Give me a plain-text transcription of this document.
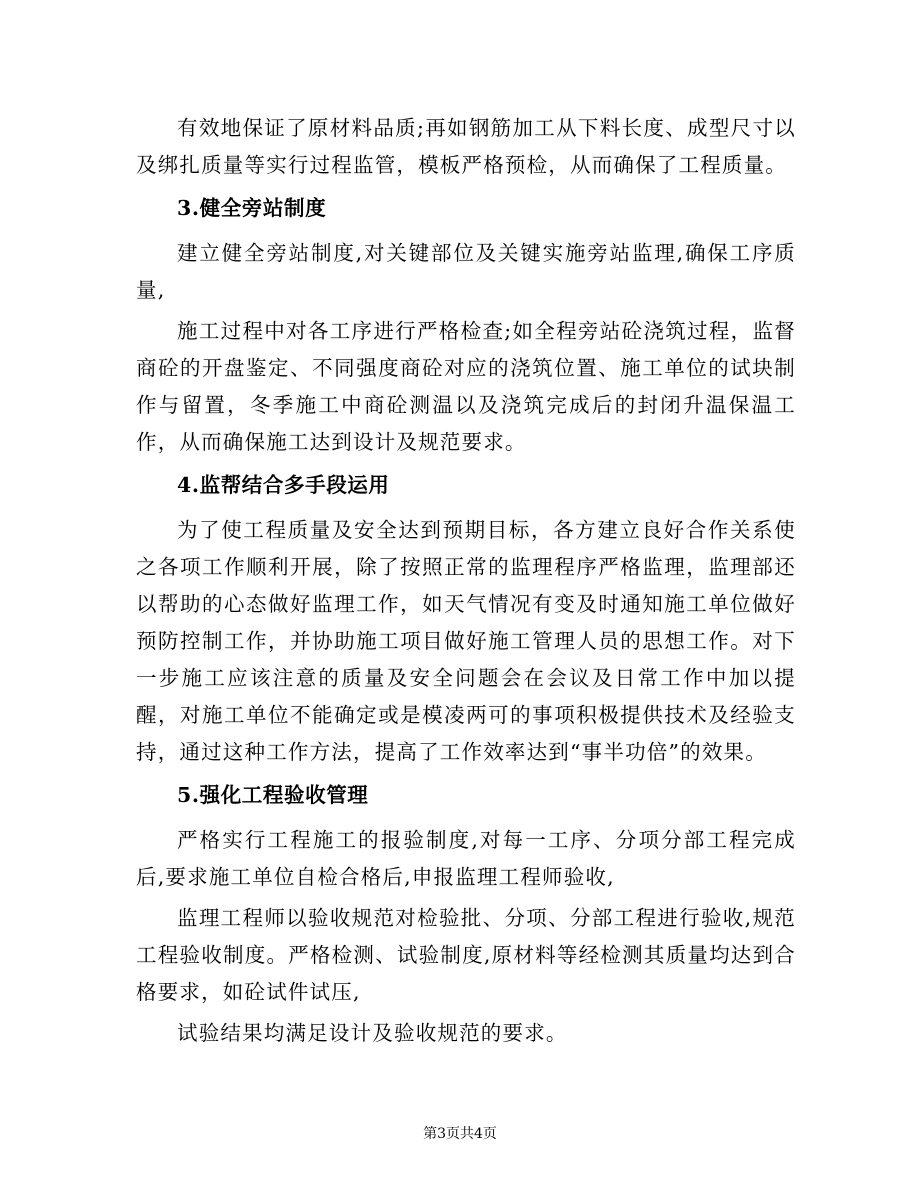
有效地保证了原材料品质;再如钢筋加工从下料长度、成型尺寸以及绑扎质量等实行过程监管，模板严格预检，从而确保了工程质量。

3.健全旁站制度

建立健全旁站制度,对关键部位及关键实施旁站监理,确保工序质量,

施工过程中对各工序进行严格检查;如全程旁站砼浇筑过程，监督商砼的开盘鉴定、不同强度商砼对应的浇筑位置、施工单位的试块制作与留置，冬季施工中商砼测温以及浇筑完成后的封闭升温保温工作，从而确保施工达到设计及规范要求。

4.监帮结合多手段运用

为了使工程质量及安全达到预期目标，各方建立良好合作关系使之各项工作顺利开展，除了按照正常的监理程序严格监理，监理部还以帮助的心态做好监理工作，如天气情况有变及时通知施工单位做好预防控制工作，并协助施工项目做好施工管理人员的思想工作。对下一步施工应该注意的质量及安全问题会在会议及日常工作中加以提醒，对施工单位不能确定或是模凌两可的事项积极提供技术及经验支持，通过这种工作方法，提高了工作效率达到“事半功倍”的效果。

5.强化工程验收管理

严格实行工程施工的报验制度,对每一工序、分项分部工程完成后,要求施工单位自检合格后,申报监理工程师验收,

监理工程师以验收规范对检验批、分项、分部工程进行验收,规范工程验收制度。严格检测、试验制度,原材料等经检测其质量均达到合格要求，如砼试件试压,

试验结果均满足设计及验收规范的要求。

第3页共4页
